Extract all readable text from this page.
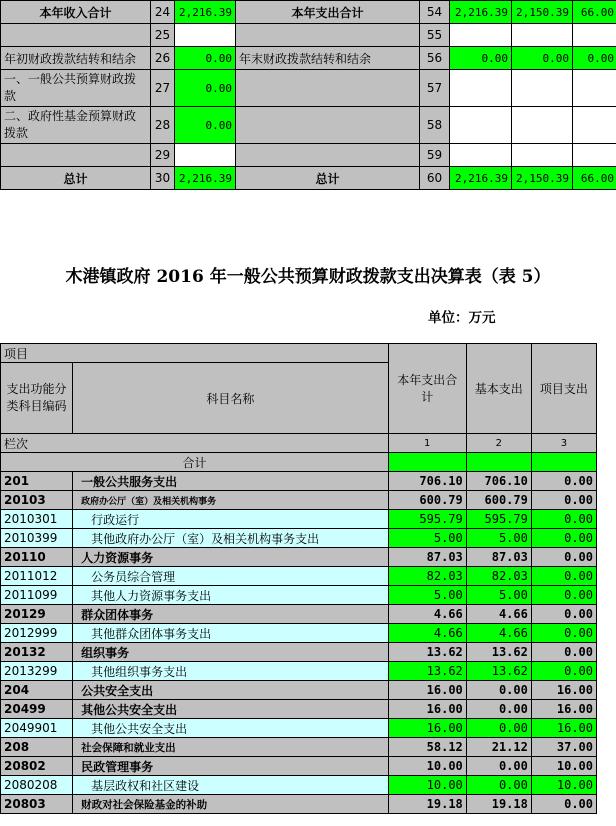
本年收入合计	24	2,216.39	本年支出合计	54	2,216.39	2,150.39	66.00
	25			55			
年初财政拨款结转和结余	26	0.00	年末财政拨款结转和结余	56	0.00	0.00	0.00
一、一般公共预算财政拨款	27	0.00		57			
二、政府性基金预算财政拨款	28	0.00		58			
	29			59			
总计	30	2,216.39	总计	60	2,216.39	2,150.39	66.00
木港镇政府 2016 年一般公共预算财政拨款支出决算表（表 5）
单位：万元
项目		本年支出合计	基本支出	项目支出
支出功能分类科目编码	科目名称			
栏次		1	2	3
合计				
201	一般公共服务支出	706.10	706.10	0.00
20103	政府办公厅（室）及相关机构事务	600.79	600.79	0.00
2010301	行政运行	595.79	595.79	0.00
2010399	其他政府办公厅（室）及相关机构事务支出	5.00	5.00	0.00
20110	人力资源事务	87.03	87.03	0.00
2011012	公务员综合管理	82.03	82.03	0.00
2011099	其他人力资源事务支出	5.00	5.00	0.00
20129	群众团体事务	4.66	4.66	0.00
2012999	其他群众团体事务支出	4.66	4.66	0.00
20132	组织事务	13.62	13.62	0.00
2013299	其他组织事务支出	13.62	13.62	0.00
204	公共安全支出	16.00	0.00	16.00
20499	其他公共安全支出	16.00	0.00	16.00
2049901	其他公共安全支出	16.00	0.00	16.00
208	社会保障和就业支出	58.12	21.12	37.00
20802	民政管理事务	10.00	0.00	10.00
2080208	基层政权和社区建设	10.00	0.00	10.00
20803	财政对社会保险基金的补助	19.18	19.18	0.00
